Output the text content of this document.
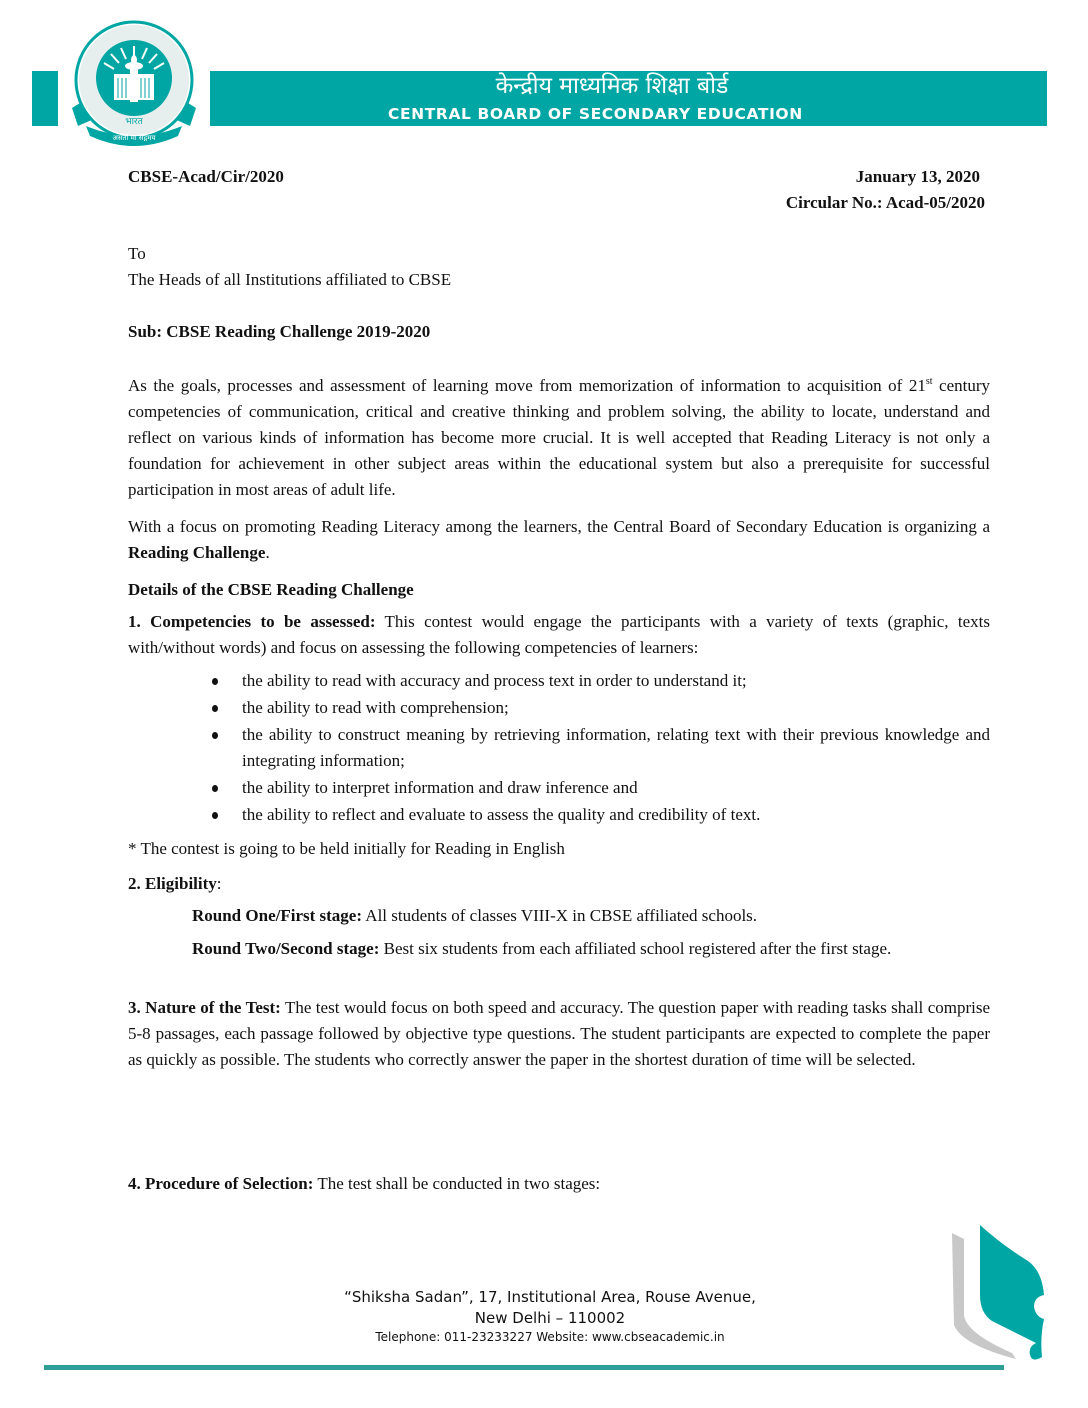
केन्द्रीय माध्यमिक शिक्षा बोर्ड
CENTRAL BOARD OF SECONDARY EDUCATION
भारत
असतो मा सद्गमय
CBSE-Acad/Cir/2020	January 13, 2020
Circular No.: Acad-05/2020
To
The Heads of all Institutions affiliated to CBSE
Sub: CBSE Reading Challenge 2019-2020
As the goals, processes and assessment of learning move from memorization of information to acquisition of 21st century competencies of communication, critical and creative thinking and problem solving, the ability to locate, understand and reflect on various kinds of information has become more crucial. It is well accepted that Reading Literacy is not only a foundation for achievement in other subject areas within the educational system but also a prerequisite for successful participation in most areas of adult life.
With a focus on promoting Reading Literacy among the learners, the Central Board of Secondary Education is organizing a Reading Challenge.
Details of the CBSE Reading Challenge
1. Competencies to be assessed: This contest would engage the participants with a variety of texts (graphic, texts with/without words) and focus on assessing the following competencies of learners:
the ability to read with accuracy and process text in order to understand it;
the ability to read with comprehension;
the ability to construct meaning by retrieving information, relating text with their previous knowledge and integrating information;
the ability to interpret information and draw inference and
the ability to reflect and evaluate to assess the quality and credibility of text.
* The contest is going to be held initially for Reading in English
2. Eligibility:
Round One/First stage: All students of classes VIII-X in CBSE affiliated schools.
Round Two/Second stage: Best six students from each affiliated school registered after the first stage.
3. Nature of the Test: The test would focus on both speed and accuracy. The question paper with reading tasks shall comprise 5-8 passages, each passage followed by objective type questions. The student participants are expected to complete the paper as quickly as possible. The students who correctly answer the paper in the shortest duration of time will be selected.
4. Procedure of Selection: The test shall be conducted in two stages:
“Shiksha Sadan”, 17, Institutional Area, Rouse Avenue,
New Delhi – 110002
Telephone: 011-23233227 Website: www.cbseacademic.in
